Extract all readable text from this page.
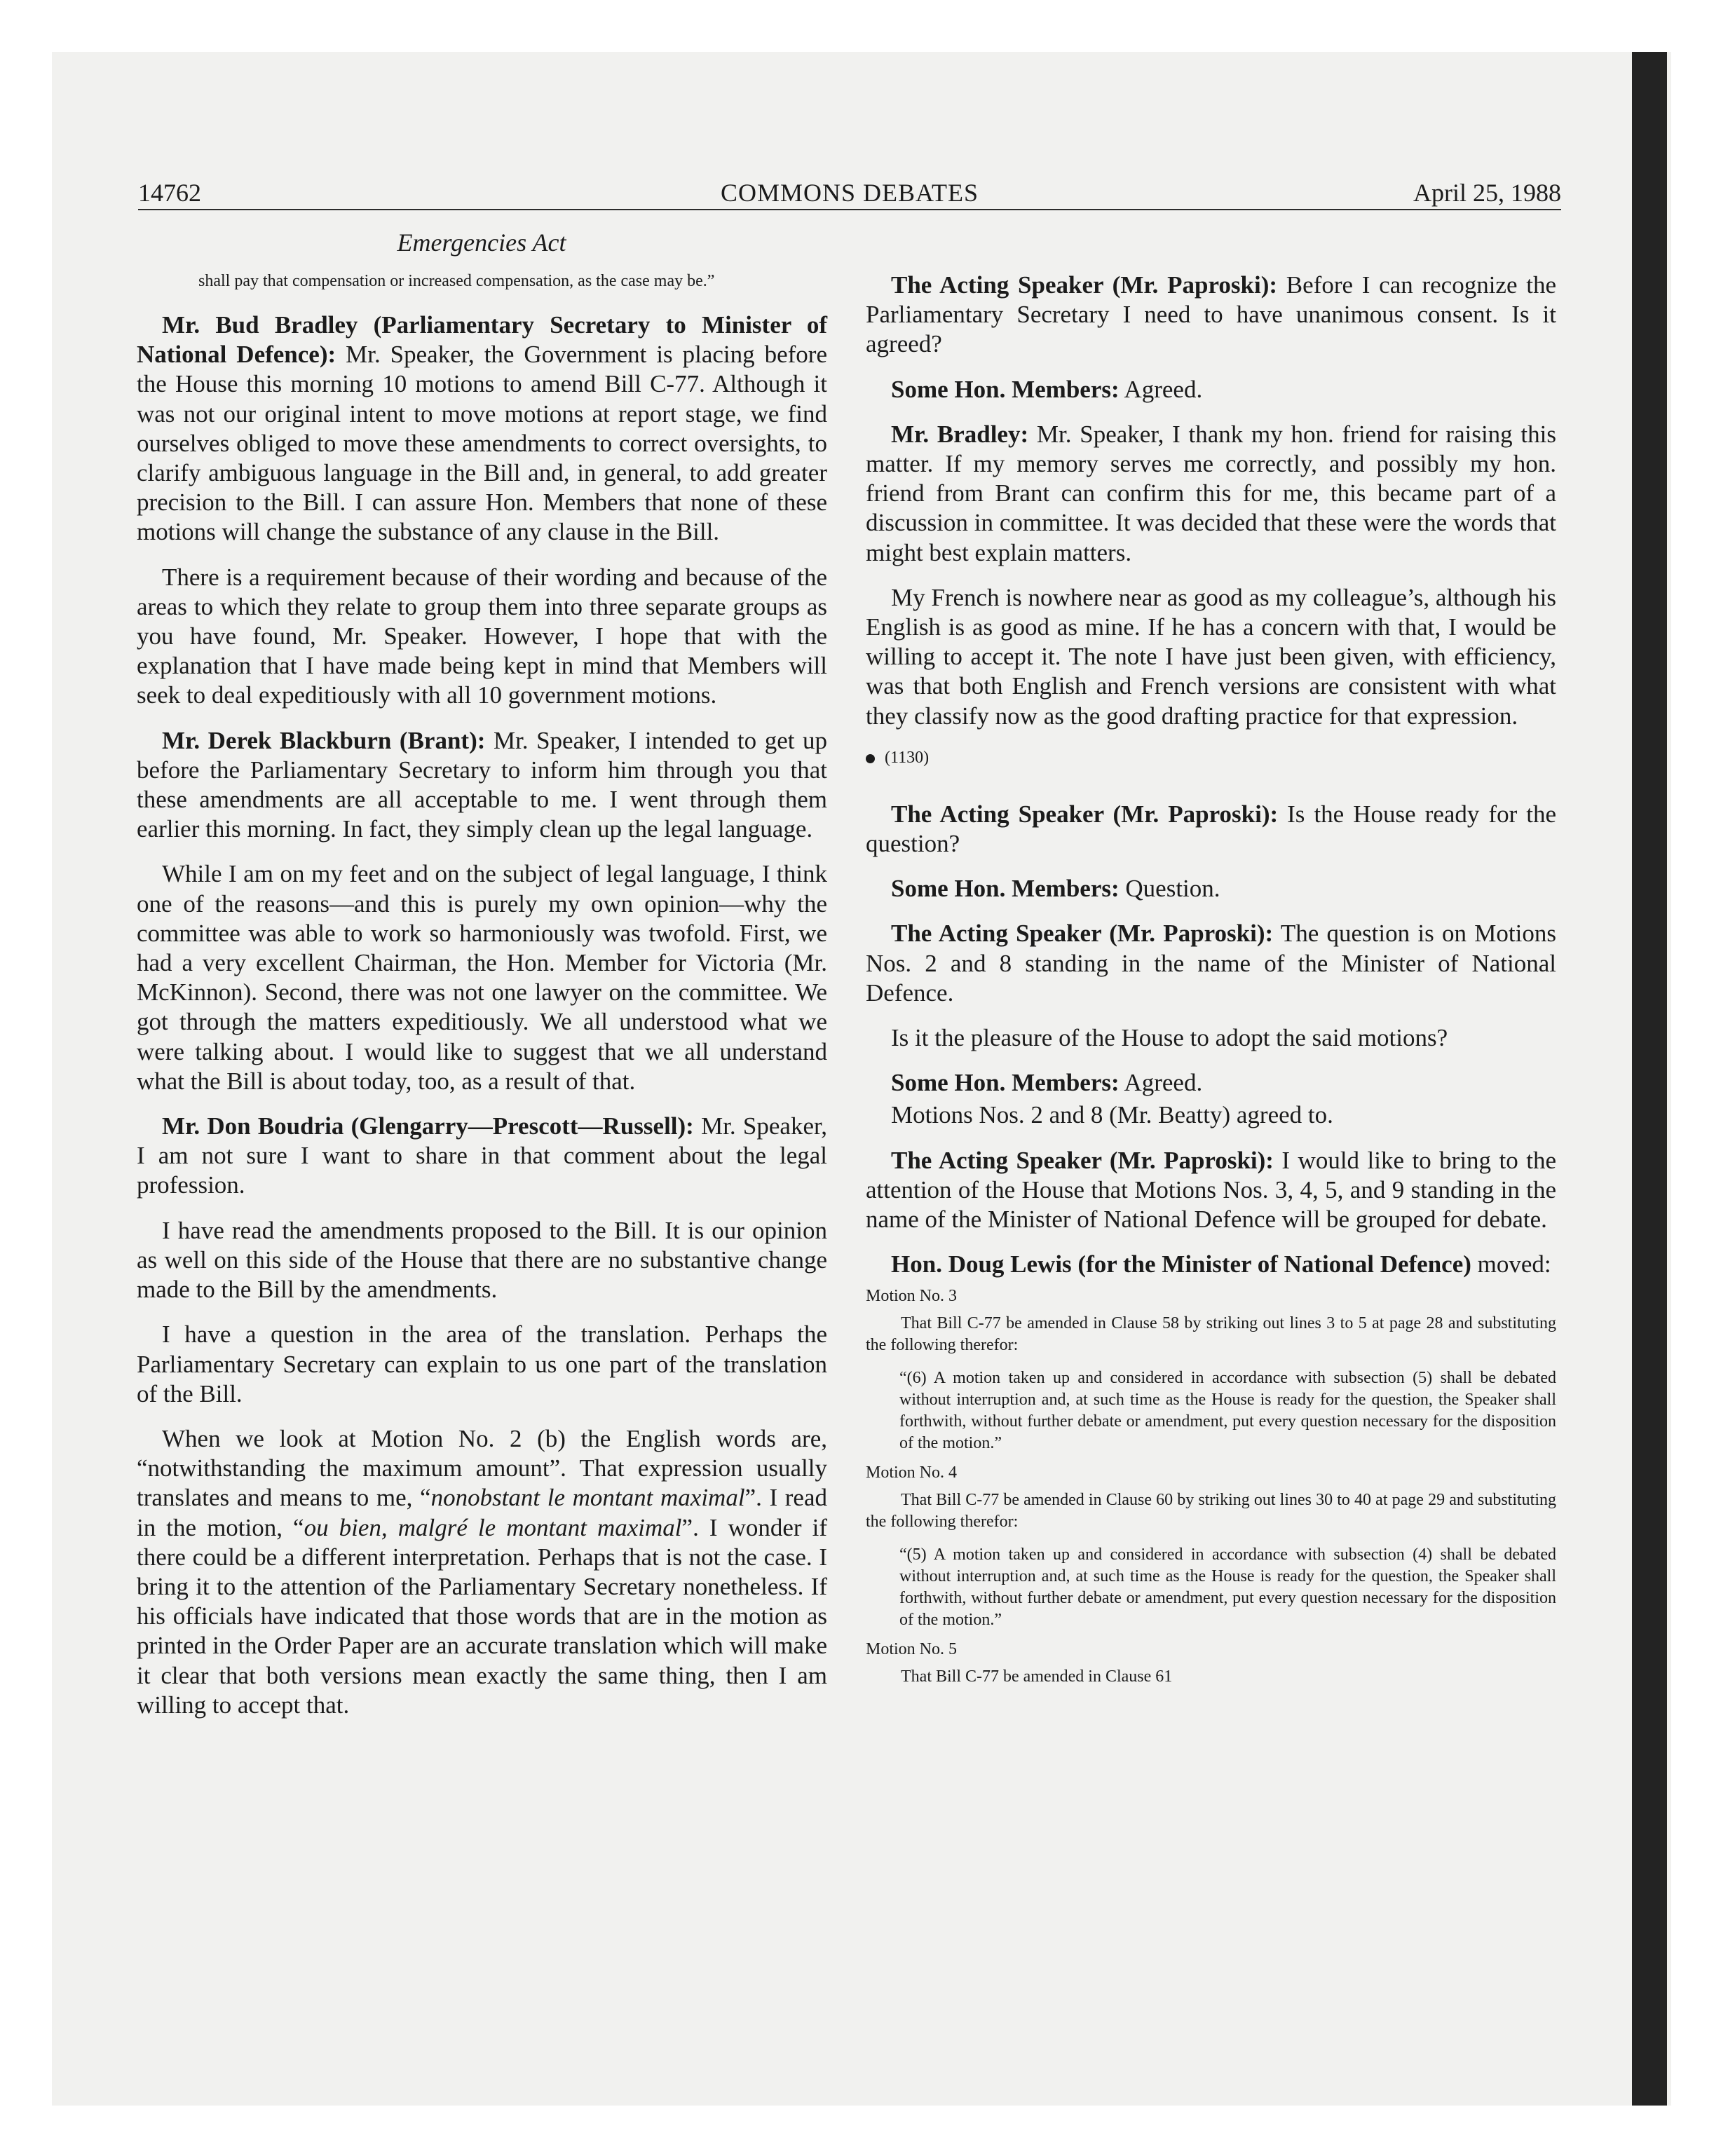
14762	COMMONS DEBATES	April 25, 1988
Emergencies Act
shall pay that compensation or increased compensation, as the case may be.”

Mr. Bud Bradley (Parliamentary Secretary to Minister of National Defence): Mr. Speaker, the Government is placing before the House this morning 10 motions to amend Bill C-77. Although it was not our original intent to move motions at report stage, we find ourselves obliged to move these amendments to correct oversights, to clarify ambiguous language in the Bill and, in general, to add greater precision to the Bill. I can assure Hon. Members that none of these motions will change the substance of any clause in the Bill.

There is a requirement because of their wording and because of the areas to which they relate to group them into three separate groups as you have found, Mr. Speaker. However, I hope that with the explanation that I have made being kept in mind that Members will seek to deal expeditiously with all 10 government motions.

Mr. Derek Blackburn (Brant): Mr. Speaker, I intended to get up before the Parliamentary Secretary to inform him through you that these amendments are all acceptable to me. I went through them earlier this morning. In fact, they simply clean up the legal language.

While I am on my feet and on the subject of legal language, I think one of the reasons—and this is purely my own opinion—why the committee was able to work so harmoniously was twofold. First, we had a very excellent Chairman, the Hon. Member for Victoria (Mr. McKinnon). Second, there was not one lawyer on the committee. We got through the matters expeditiously. We all understood what we were talking about. I would like to suggest that we all understand what the Bill is about today, too, as a result of that.

Mr. Don Boudria (Glengarry—Prescott—Russell): Mr. Speaker, I am not sure I want to share in that comment about the legal profession.

I have read the amendments proposed to the Bill. It is our opinion as well on this side of the House that there are no substantive change made to the Bill by the amendments.

I have a question in the area of the translation. Perhaps the Parliamentary Secretary can explain to us one part of the translation of the Bill.

When we look at Motion No. 2 (b) the English words are, “notwithstanding the maximum amount”. That expression usually translates and means to me, “nonobstant le montant maximal”. I read in the motion, “ou bien, malgré le montant maximal”. I wonder if there could be a different interpretation. Perhaps that is not the case. I bring it to the attention of the Parliamentary Secretary nonetheless. If his officials have indicated that those words that are in the motion as printed in the Order Paper are an accurate translation which will make it clear that both versions mean exactly the same thing, then I am willing to accept that.

The Acting Speaker (Mr. Paproski): Before I can recognize the Parliamentary Secretary I need to have unanimous consent. Is it agreed?

Some Hon. Members: Agreed.

Mr. Bradley: Mr. Speaker, I thank my hon. friend for raising this matter. If my memory serves me correctly, and possibly my hon. friend from Brant can confirm this for me, this became part of a discussion in committee. It was decided that these were the words that might best explain matters.

My French is nowhere near as good as my colleague’s, although his English is as good as mine. If he has a concern with that, I would be willing to accept it. The note I have just been given, with efficiency, was that both English and French versions are consistent with what they classify now as the good drafting practice for that expression.

(1130)

The Acting Speaker (Mr. Paproski): Is the House ready for the question?

Some Hon. Members: Question.

The Acting Speaker (Mr. Paproski): The question is on Motions Nos. 2 and 8 standing in the name of the Minister of National Defence.

Is it the pleasure of the House to adopt the said motions?

Some Hon. Members: Agreed.

Motions Nos. 2 and 8 (Mr. Beatty) agreed to.

The Acting Speaker (Mr. Paproski): I would like to bring to the attention of the House that Motions Nos. 3, 4, 5, and 9 standing in the name of the Minister of National Defence will be grouped for debate.

Hon. Doug Lewis (for the Minister of National Defence) moved:

Motion No. 3
That Bill C-77 be amended in Clause 58 by striking out lines 3 to 5 at page 28 and substituting the following therefor:
“(6) A motion taken up and considered in accordance with subsection (5) shall be debated without interruption and, at such time as the House is ready for the question, the Speaker shall forthwith, without further debate or amendment, put every question necessary for the disposition of the motion.”
Motion No. 4
That Bill C-77 be amended in Clause 60 by striking out lines 30 to 40 at page 29 and substituting the following therefor:
“(5) A motion taken up and considered in accordance with subsection (4) shall be debated without interruption and, at such time as the House is ready for the question, the Speaker shall forthwith, without further debate or amendment, put every question necessary for the disposition of the motion.”
Motion No. 5
That Bill C-77 be amended in Clause 61
